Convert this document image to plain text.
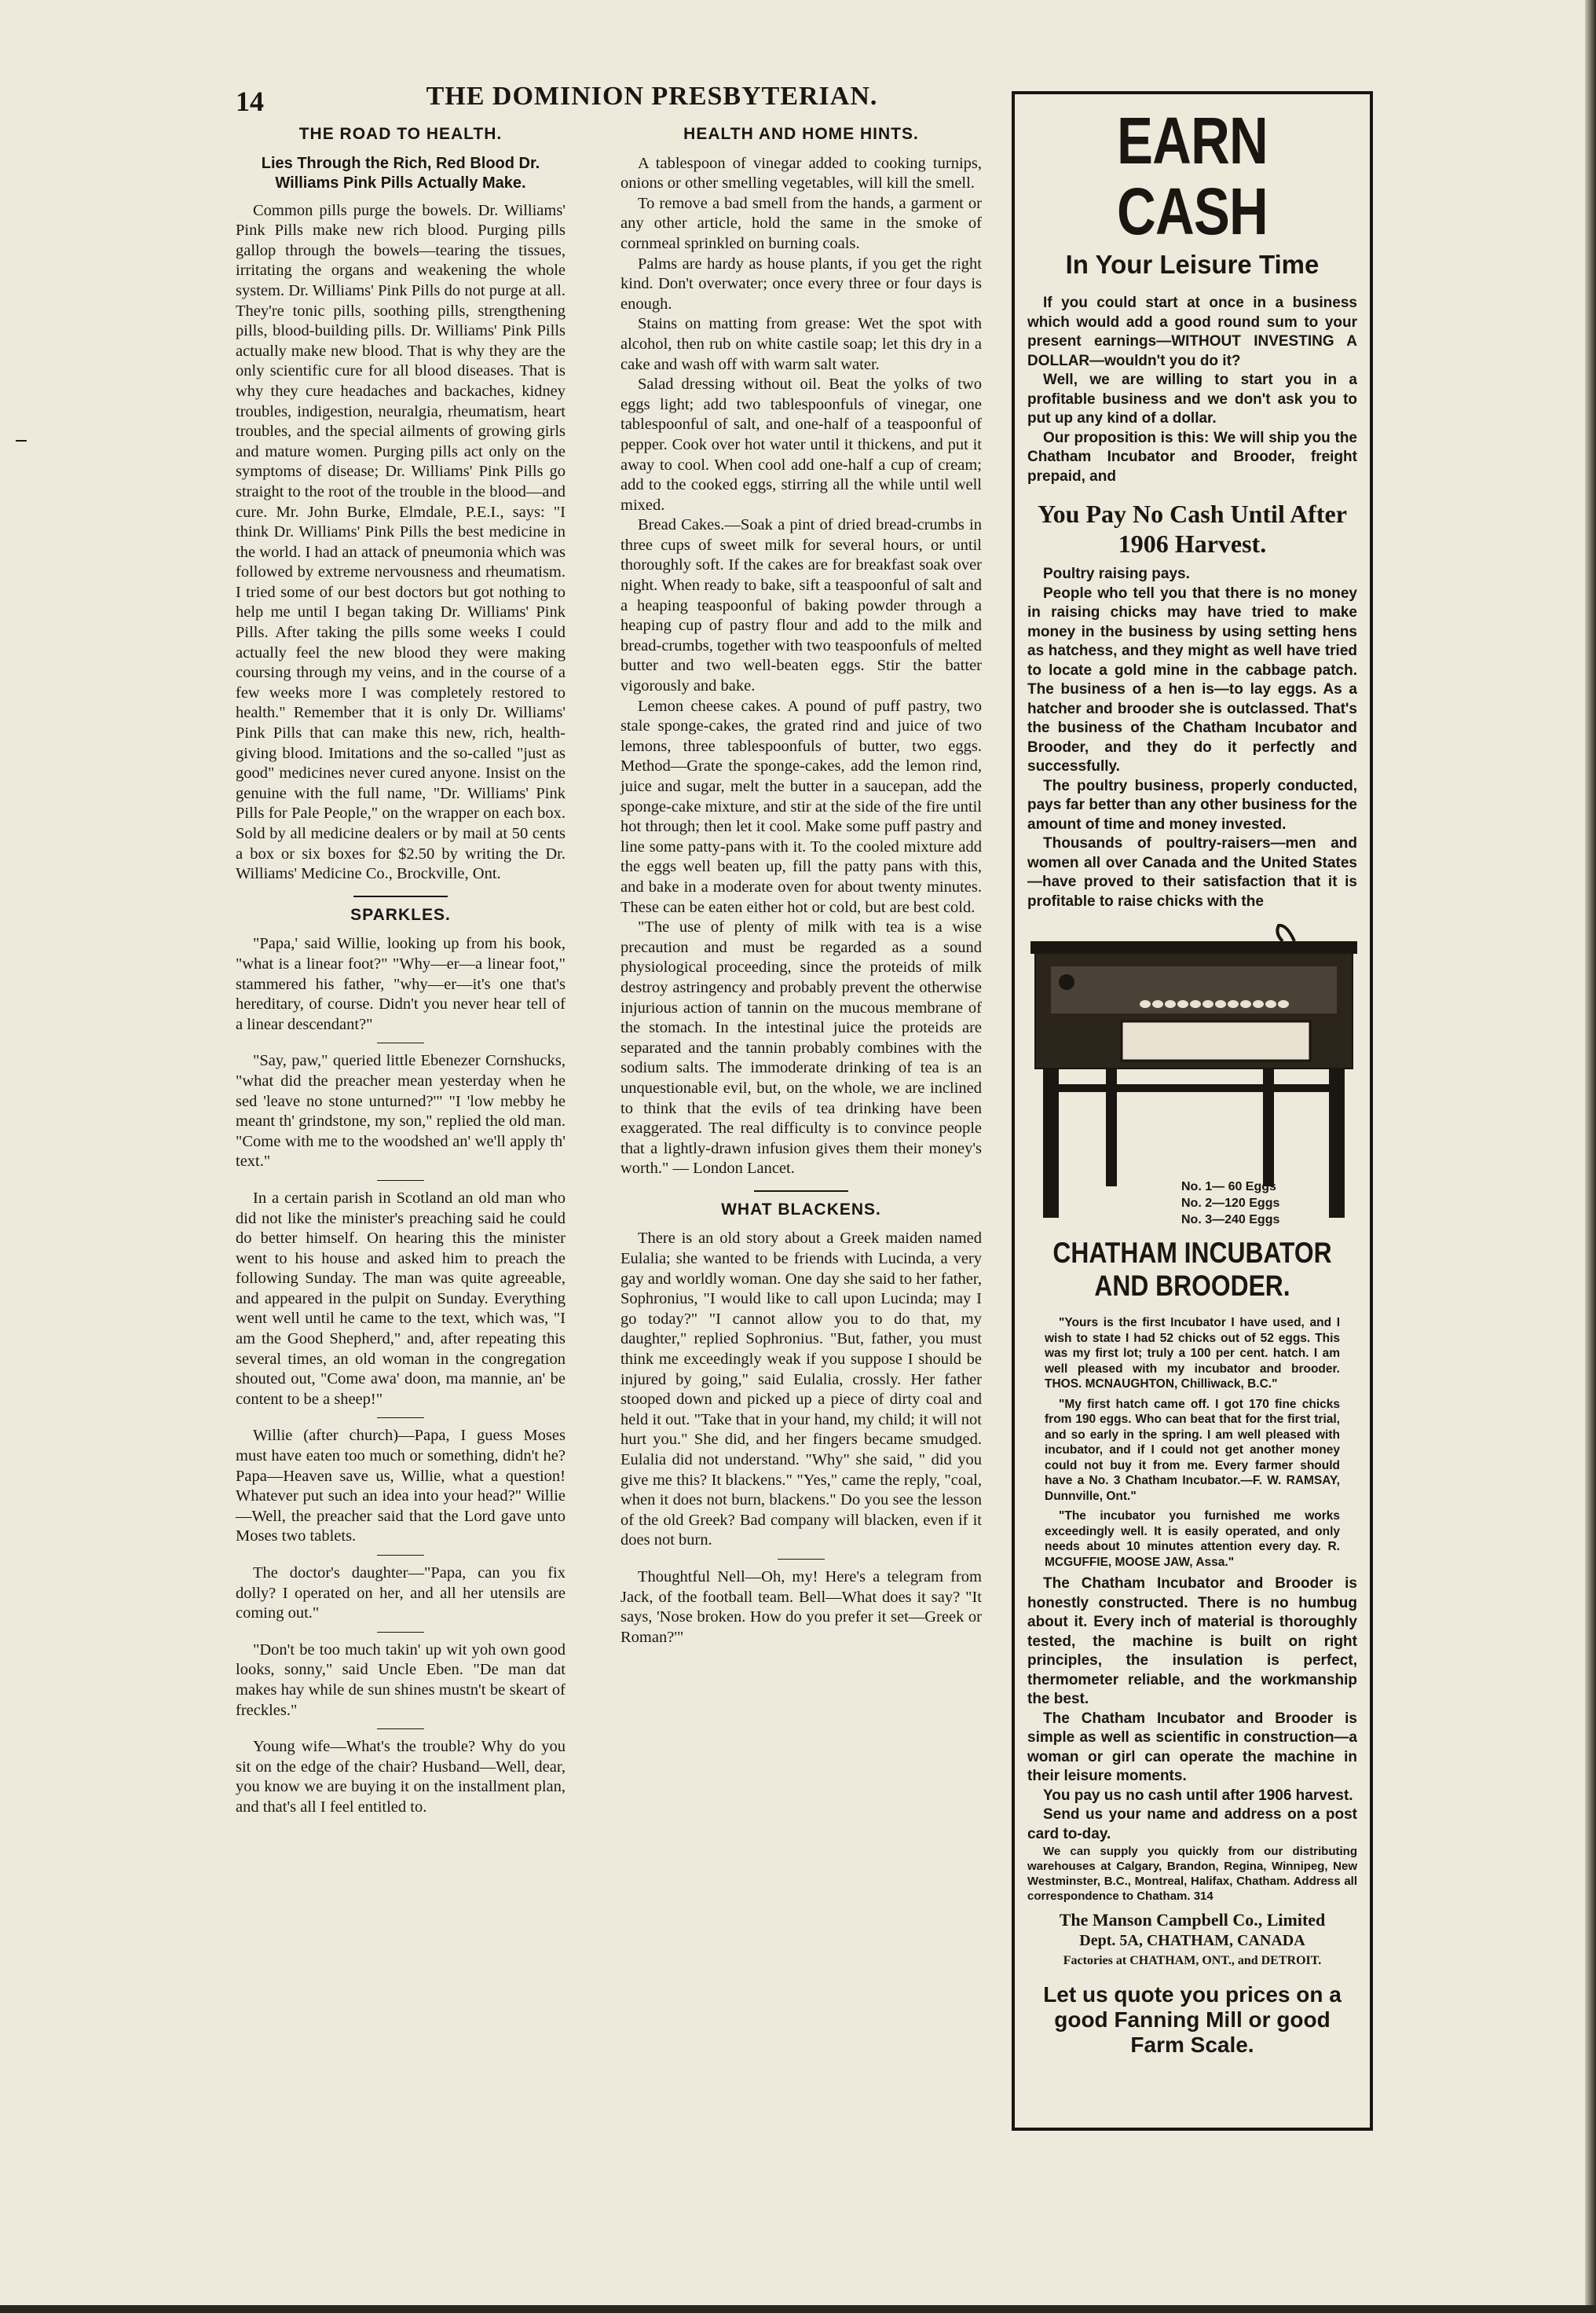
14	THE DOMINION PRESBYTERIAN.
THE ROAD TO HEALTH.
Lies Through the Rich, Red Blood Dr. Williams Pink Pills Actually Make.

Common pills purge the bowels. Dr. Williams' Pink Pills make new rich blood. Purging pills gallop through the bowels—tearing the tissues, irritating the organs and weakening the whole system. Dr. Williams' Pink Pills do not purge at all. They're tonic pills, soothing pills, strengthening pills, blood-building pills. Dr. Williams' Pink Pills actually make new blood. That is why they are the only scientific cure for all blood diseases. That is why they cure headaches and backaches, kidney troubles, indigestion, neuralgia, rheumatism, heart troubles, and the special ailments of growing girls and mature women. Purging pills act only on the symptoms of disease; Dr. Williams' Pink Pills go straight to the root of the trouble in the blood—and cure. Mr. John Burke, Elmdale, P.E.I., says: "I think Dr. Williams' Pink Pills the best medicine in the world. I had an attack of pneumonia which was followed by extreme nervousness and rheumatism. I tried some of our best doctors but got nothing to help me until I began taking Dr. Williams' Pink Pills. After taking the pills some weeks I could actually feel the new blood they were making coursing through my veins, and in the course of a few weeks more I was completely restored to health." Remember that it is only Dr. Williams' Pink Pills that can make this new, rich, health-giving blood. Imitations and the so-called "just as good" medicines never cured anyone. Insist on the genuine with the full name, "Dr. Williams' Pink Pills for Pale People," on the wrapper on each box. Sold by all medicine dealers or by mail at 50 cents a box or six boxes for $2.50 by writing the Dr. Williams' Medicine Co., Brockville, Ont.

SPARKLES.

"Papa,' said Willie, looking up from his book, "what is a linear foot?" "Why—er—a linear foot," stammered his father, "why—er—it's one that's hereditary, of course. Didn't you never hear tell of a linear descendant?"

"Say, paw," queried little Ebenezer Cornshucks, "what did the preacher mean yesterday when he sed 'leave no stone unturned?'" "I 'low mebby he meant th' grindstone, my son," replied the old man. "Come with me to the woodshed an' we'll apply th' text."

In a certain parish in Scotland an old man who did not like the minister's preaching said he could do better himself. On hearing this the minister went to his house and asked him to preach the following Sunday. The man was quite agreeable, and appeared in the pulpit on Sunday. Everything went well until he came to the text, which was, "I am the Good Shepherd," and, after repeating this several times, an old woman in the congregation shouted out, "Come awa' doon, ma mannie, an' be content to be a sheep!"

Willie (after church)—Papa, I guess Moses must have eaten too much or something, didn't he? Papa—Heaven save us, Willie, what a question! Whatever put such an idea into your head?" Willie—Well, the preacher said that the Lord gave unto Moses two tablets.

The doctor's daughter—"Papa, can you fix dolly? I operated on her, and all her utensils are coming out."

"Don't be too much takin' up wit yoh own good looks, sonny," said Uncle Eben. "De man dat makes hay while de sun shines mustn't be skeart of freckles."

Young wife—What's the trouble? Why do you sit on the edge of the chair? Husband—Well, dear, you know we are buying it on the installment plan, and that's all I feel entitled to.

HEALTH AND HOME HINTS.

A tablespoon of vinegar added to cooking turnips, onions or other smelling vegetables, will kill the smell.

To remove a bad smell from the hands, a garment or any other article, hold the same in the smoke of cornmeal sprinkled on burning coals.

Palms are hardy as house plants, if you get the right kind. Don't overwater; once every three or four days is enough.

Stains on matting from grease: Wet the spot with alcohol, then rub on white castile soap; let this dry in a cake and wash off with warm salt water.

Salad dressing without oil. Beat the yolks of two eggs light; add two tablespoonfuls of vinegar, one tablespoonful of salt, and one-half of a teaspoonful of pepper. Cook over hot water until it thickens, and put it away to cool. When cool add one-half a cup of cream; add to the cooked eggs, stirring all the while until well mixed.

Bread Cakes.—Soak a pint of dried bread-crumbs in three cups of sweet milk for several hours, or until thoroughly soft. If the cakes are for breakfast soak over night. When ready to bake, sift a teaspoonful of salt and a heaping teaspoonful of baking powder through a heaping cup of pastry flour and add to the milk and bread-crumbs, together with two teaspoonfuls of melted butter and two well-beaten eggs. Stir the batter vigorously and bake.

Lemon cheese cakes. A pound of puff pastry, two stale sponge-cakes, the grated rind and juice of two lemons, three tablespoonfuls of butter, two eggs. Method—Grate the sponge-cakes, add the lemon rind, juice and sugar, melt the butter in a saucepan, add the sponge-cake mixture, and stir at the side of the fire until hot through; then let it cool. Make some puff pastry and line some patty-pans with it. To the cooled mixture add the eggs well beaten up, fill the patty pans with this, and bake in a moderate oven for about twenty minutes. These can be eaten either hot or cold, but are best cold.

"The use of plenty of milk with tea is a wise precaution and must be regarded as a sound physiological proceeding, since the proteids of milk destroy astringency and probably prevent the otherwise injurious action of tannin on the mucous membrane of the stomach. In the intestinal juice the proteids are separated and the tannin probably combines with the sodium salts. The immoderate drinking of tea is an unquestionable evil, but, on the whole, we are inclined to think that the evils of tea drinking have been exaggerated. The real difficulty is to convince people that a lightly-drawn infusion gives them their money's worth." — London Lancet.

WHAT BLACKENS.

There is an old story about a Greek maiden named Eulalia; she wanted to be friends with Lucinda, a very gay and worldly woman. One day she said to her father, Sophronius, "I would like to call upon Lucinda; may I go today?" "I cannot allow you to do that, my daughter," replied Sophronius. "But, father, you must think me exceedingly weak if you suppose I should be injured by going," said Eulalia, crossly. Her father stooped down and picked up a piece of dirty coal and held it out. "Take that in your hand, my child; it will not hurt you." She did, and her fingers became smudged. Eulalia did not understand. "Why" she said, " did you give me this? It blackens." "Yes," came the reply, "coal, when it does not burn, blackens." Do you see the lesson of the old Greek? Bad company will blacken, even if it does not burn.

Thoughtful Nell—Oh, my! Here's a telegram from Jack, of the football team. Bell—What does it say? "It says, 'Nose broken. How do you prefer it set—Greek or Roman?'"

EARN CASH
In Your Leisure Time

If you could start at once in a business which would add a good round sum to your present earnings—WITHOUT INVESTING A DOLLAR—wouldn't you do it?

Well, we are willing to start you in a profitable business and we don't ask you to put up any kind of a dollar.

Our proposition is this: We will ship you the Chatham Incubator and Brooder, freight prepaid, and

You Pay No Cash Until After 1906 Harvest.

Poultry raising pays.

People who tell you that there is no money in raising chicks may have tried to make money in the business by using setting hens as hatchess, and they might as well have tried to locate a gold mine in the cabbage patch. The business of a hen is—to lay eggs. As a hatcher and brooder she is outclassed. That's the business of the Chatham Incubator and Brooder, and they do it perfectly and successfully.

The poultry business, properly conducted, pays far better than any other business for the amount of time and money invested.

Thousands of poultry-raisers—men and women all over Canada and the United States—have proved to their satisfaction that it is profitable to raise chicks with the

No. 1— 60 Eggs
No. 2—120 Eggs
No. 3—240 Eggs
CHATHAM INCUBATOR AND BROODER.

"Yours is the first Incubator I have used, and I wish to state I had 52 chicks out of 52 eggs. This was my first lot; truly a 100 per cent. hatch. I am well pleased with my incubator and brooder. THOS. MCNAUGHTON, Chilliwack, B.C."

"My first hatch came off. I got 170 fine chicks from 190 eggs. Who can beat that for the first trial, and so early in the spring. I am well pleased with incubator, and if I could not get another money could not buy it from me. Every farmer should have a No. 3 Chatham Incubator.—F. W. RAMSAY, Dunnville, Ont."

"The incubator you furnished me works exceedingly well. It is easily operated, and only needs about 10 minutes attention every day. R. MCGUFFIE, MOOSE JAW, Assa."

The Chatham Incubator and Brooder is honestly constructed. There is no humbug about it. Every inch of material is thoroughly tested, the machine is built on right principles, the insulation is perfect, thermometer reliable, and the workmanship the best.

The Chatham Incubator and Brooder is simple as well as scientific in construction—a woman or girl can operate the machine in their leisure moments.

You pay us no cash until after 1906 harvest.

Send us your name and address on a post card to-day.

We can supply you quickly from our distributing warehouses at Calgary, Brandon, Regina, Winnipeg, New Westminster, B.C., Montreal, Halifax, Chatham. Address all correspondence to Chatham. 314

The Manson Campbell Co., Limited
Dept. 5A, CHATHAM, CANADA
Factories at CHATHAM, ONT., and DETROIT.
Let us quote you prices on a good Fanning Mill or good Farm Scale.
